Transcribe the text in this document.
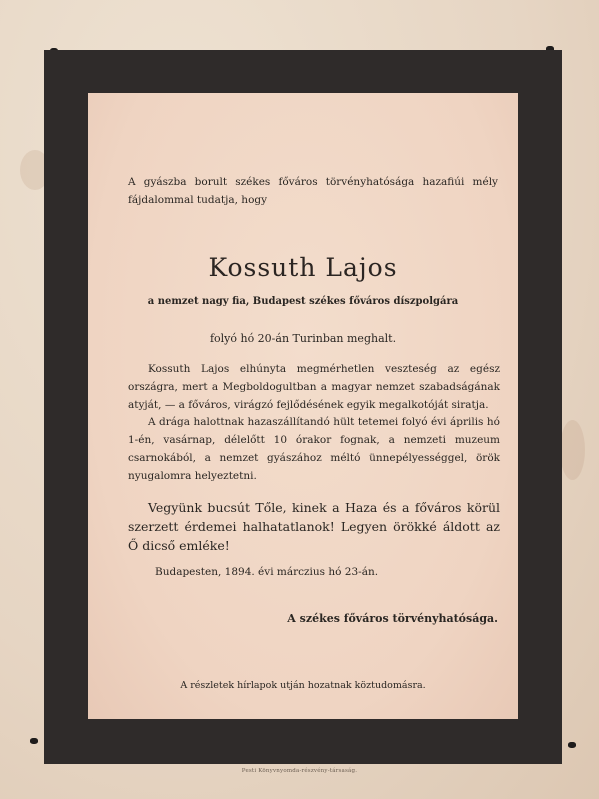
A gyászba borult székes főváros törvényhatósága hazafiúi mély fájdalommal tudatja, hogy
Kossuth Lajos
a nemzet nagy fia, Budapest székes főváros díszpolgára
folyó hó 20-án Turinban meghalt.
Kossuth Lajos elhúnyta megmérhetlen veszteség az egész országra, mert a Megboldogultban a magyar nemzet szabadságának atyját, — a főváros, virágzó fejlődésének egyik megalkotóját siratja.
A drága halottnak hazaszállítandó hült tetemei folyó évi április hó 1-én, vasárnap, délelőtt 10 órakor fognak, a nemzeti muzeum csarnokából, a nemzet gyászához méltó ünnepélyességgel, örök nyugalomra helyeztetni.
Vegyünk bucsút Tőle, kinek a Haza és a főváros körül szerzett érdemei halhatatlanok! Legyen örökké áldott az Ő dicső emléke!
Budapesten, 1894. évi márczius hó 23-án.
A székes főváros törvényhatósága.
A részletek hírlapok utján hozatnak köztudomásra.
Pesti Könyvnyomda-részvény-társaság.
